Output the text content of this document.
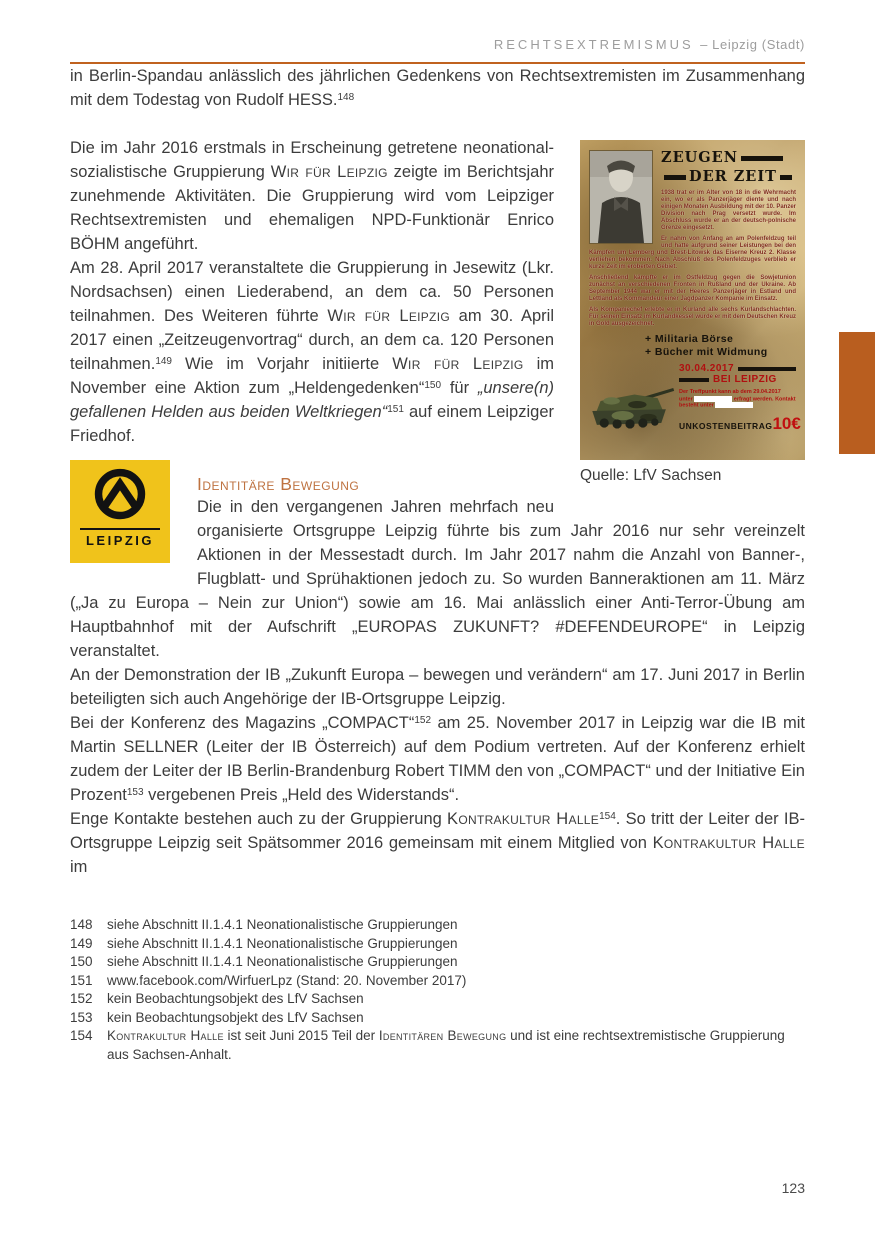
RECHTSEXTREMISMUS – Leipzig (Stadt)

in Berlin-Spandau anlässlich des jährlichen Gedenkens von Rechtsextremisten im Zusammenhang mit dem Todestag von Rudolf HESS.$^{148}$

ZEUGEN
DER ZEIT

1938 trat er im Alter von 18 in die Wehrmacht ein, wo er als Panzerjäger diente und nach einigen Monaten Ausbildung mit der 10. Panzer Division nach Prag versetzt wurde. Im Abschluss wurde er an der deutsch-polnische Grenze eingesetzt.

Er nahm von Anfang an am Polenfeldzug teil und hatte aufgrund seiner Leistungen bei den Kämpfen um Lemberg und Brest-Litowsk das Eiserne Kreuz 2. Klasse verliehen bekommen. Nach Abschluß des Polenfeldzuges verblieb er kurze Zeit im eroberten Gebiet.

Anschließend kämpfte er im Ostfeldzug gegen die Sowjetunion zunächst an verschiedenen Fronten in Rußland und der Ukraine. Ab September 1944 war er mit der Heeres Panzerjäger in Estland und Lettland als Kommandeur einer Jagdpanzer Kompanie im Einsatz.

Als Kompaniechef erlebte er in Kurland alle sechs Kurlandschlachten. Für seinen Einsatz im Kurlandkessel wurde er mit dem Deutschen Kreuz in Gold ausgezeichnet.

+ Militaria Börse
+ Bücher mit Widmung
30.04.2017
BEI LEIPZIG
Der Treffpunkt kann ab dem 29.04.2017 unter	erfragt werden. Kontakt besteht unter
UNKOSTENBEITRAG 10€
Quelle: LfV Sachsen

Die im Jahr 2016 erstmals in Erscheinung getretene neonationalsozialistische Gruppierung Wir für Leipzig zeigte im Berichtsjahr zunehmende Aktivitäten. Die Gruppierung wird vom Leipziger Rechtsextremisten und ehemaligen NPD-Funktionär Enrico BÖHM angeführt.

Am 28. April 2017 veranstaltete die Gruppierung in Jesewitz (Lkr. Nordsachsen) einen Liederabend, an dem ca. 50 Personen teilnahmen. Des Weiteren führte Wir für Leipzig am 30. April 2017 einen „Zeitzeugenvortrag“ durch, an dem ca. 120 Personen teilnahmen.$^{149}$ Wie im Vorjahr initiierte Wir für Leipzig im November eine Aktion zum „Heldengedenken“$^{150}$ für „unsere(n) gefallenen Helden aus beiden Weltkriegen“$^{151}$ auf einem Leipziger Friedhof.

LEIPZIG
Identitäre Bewegung

Die in den vergangenen Jahren mehrfach neu organisierte Ortsgruppe Leipzig führte bis zum Jahr 2016 nur sehr vereinzelt Aktionen in der Messestadt durch. Im Jahr 2017 nahm die Anzahl von Banner-, Flugblatt- und Sprühaktionen jedoch zu. So wurden Banneraktionen am 11. März („Ja zu Europa – Nein zur Union“) sowie am 16. Mai anlässlich einer Anti-Terror-Übung am Hauptbahnhof mit der Aufschrift „EUROPAS ZUKUNFT? #DEFENDEUROPE“ in Leipzig veranstaltet.

An der Demonstration der IB „Zukunft Europa – bewegen und verändern“ am 17. Juni 2017 in Berlin beteiligten sich auch Angehörige der IB-Ortsgruppe Leipzig.

Bei der Konferenz des Magazins „COMPACT“$^{152}$ am 25. November 2017 in Leipzig war die IB mit Martin SELLNER (Leiter der IB Österreich) auf dem Podium vertreten. Auf der Konferenz erhielt zudem der Leiter der IB Berlin-Brandenburg Robert TIMM den von „COMPACT“ und der Initiative Ein Prozent$^{153}$ vergebenen Preis „Held des Widerstands“.

Enge Kontakte bestehen auch zu der Gruppierung Kontrakultur Halle$^{154}$. So tritt der Leiter der IB-Ortsgruppe Leipzig seit Spätsommer 2016 gemeinsam mit einem Mitglied von Kontrakultur Halle im

148	siehe Abschnitt II.1.4.1 Neonationalistische Gruppierungen
149	siehe Abschnitt II.1.4.1 Neonationalistische Gruppierungen
150	siehe Abschnitt II.1.4.1 Neonationalistische Gruppierungen
151	www.facebook.com/WirfuerLpz (Stand: 20. November 2017)
152	kein Beobachtungsobjekt des LfV Sachsen
153	kein Beobachtungsobjekt des LfV Sachsen
154	Kontrakultur Halle ist seit Juni 2015 Teil der Identitären Bewegung und ist eine rechtsextremistische Gruppierung aus Sachsen-Anhalt.
123
